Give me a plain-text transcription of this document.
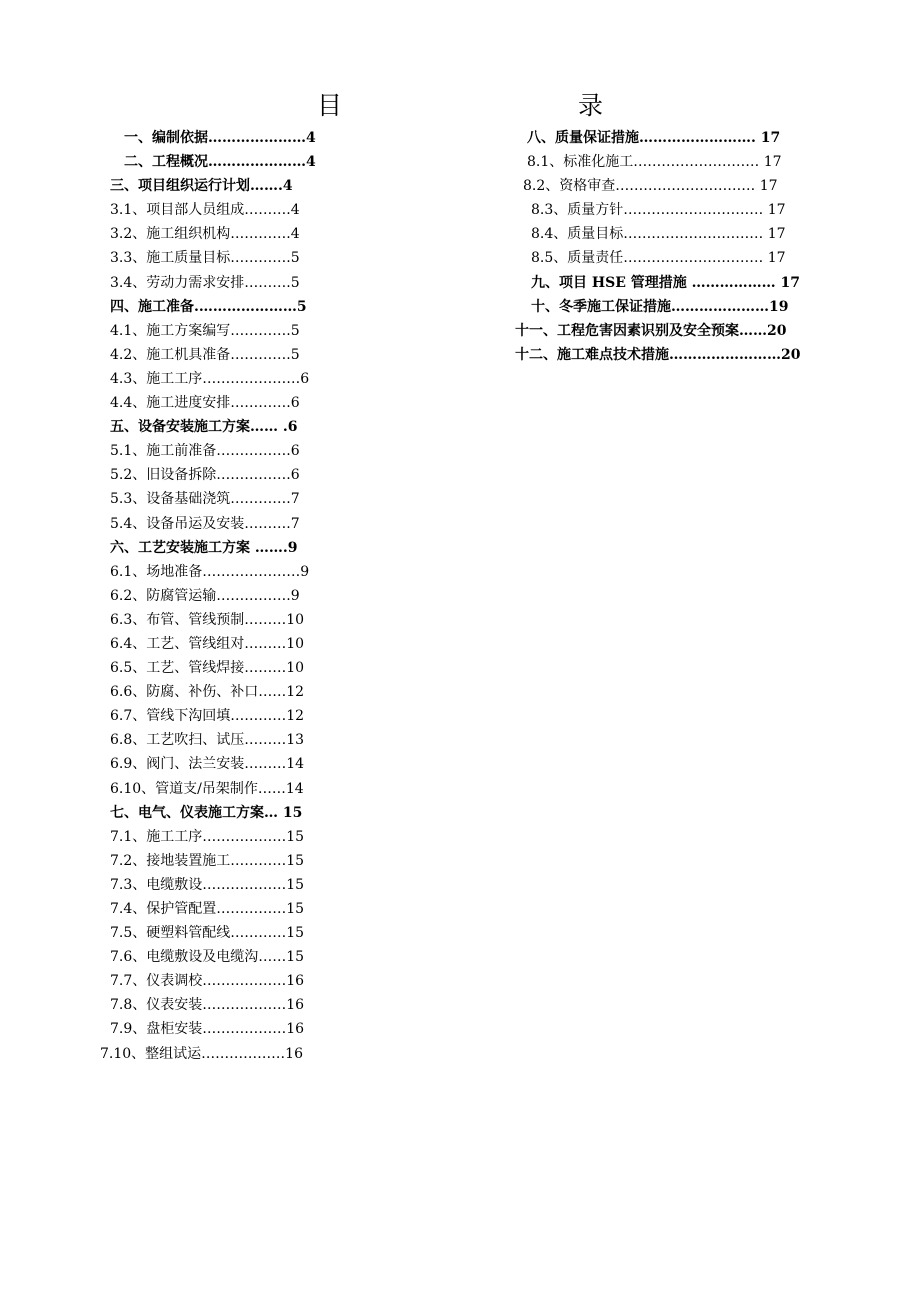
目　　录
　一、编制依据…………………4
　二、工程概况…………………4
三、项目组织运行计划…….4
3.1、项目部人员组成……….4
3.2、施工组织机构………….4
3.3、施工质量目标………….5
3.4、劳动力需求安排……….5
四、施工准备.…………………5
4.1、施工方案编写………….5
4.2、施工机具准备………….5
4.3、施工工序…………………6
4.4、施工进度安排………….6
五、设备安装施工方案…… .6
5.1、施工前准备…………….6
5.2、旧设备拆除…………….6
5.3、设备基础浇筑………….7
5.4、设备吊运及安装……….7
六、工艺安装施工方案 …….9
6.1、场地准备…………………9
6.2、防腐管运输…………….9
6.3、布管、管线预制………10
6.4、工艺、管线组对………10
6.5、工艺、管线焊接………10
6.6、防腐、补伤、补口……12
6.7、管线下沟回填…………12
6.8、工艺吹扫、试压………13
6.9、阀门、法兰安装………14
6.10、管道支/吊架制作……14
七、电气、仪表施工方案… 15
7.1、施工工序………………15
7.2、接地装置施工…………15
7.3、电缆敷设………………15
7.4、保护管配置……………15
7.5、硬塑料管配线…………15
7.6、电缆敷设及电缆沟……15
7.7、仪表调校………………16
7.8、仪表安装………………16
7.9、盘柜安装………………16
7.10、整组试运………………16
八、质量保证措施……………………. 17
8.1、标准化施工……………………… 17
8.2、资格审查………………………… 17
8.3、质量方针………………………… 17
8.4、质量目标………………………… 17
8.5、质量责任………………………… 17
九、项目 HSE 管理措施 ……………… 17
十、冬季施工保证措施…………………19
十一、工程危害因素识别及安全预案……20
十二、施工难点技术措施……………………20
